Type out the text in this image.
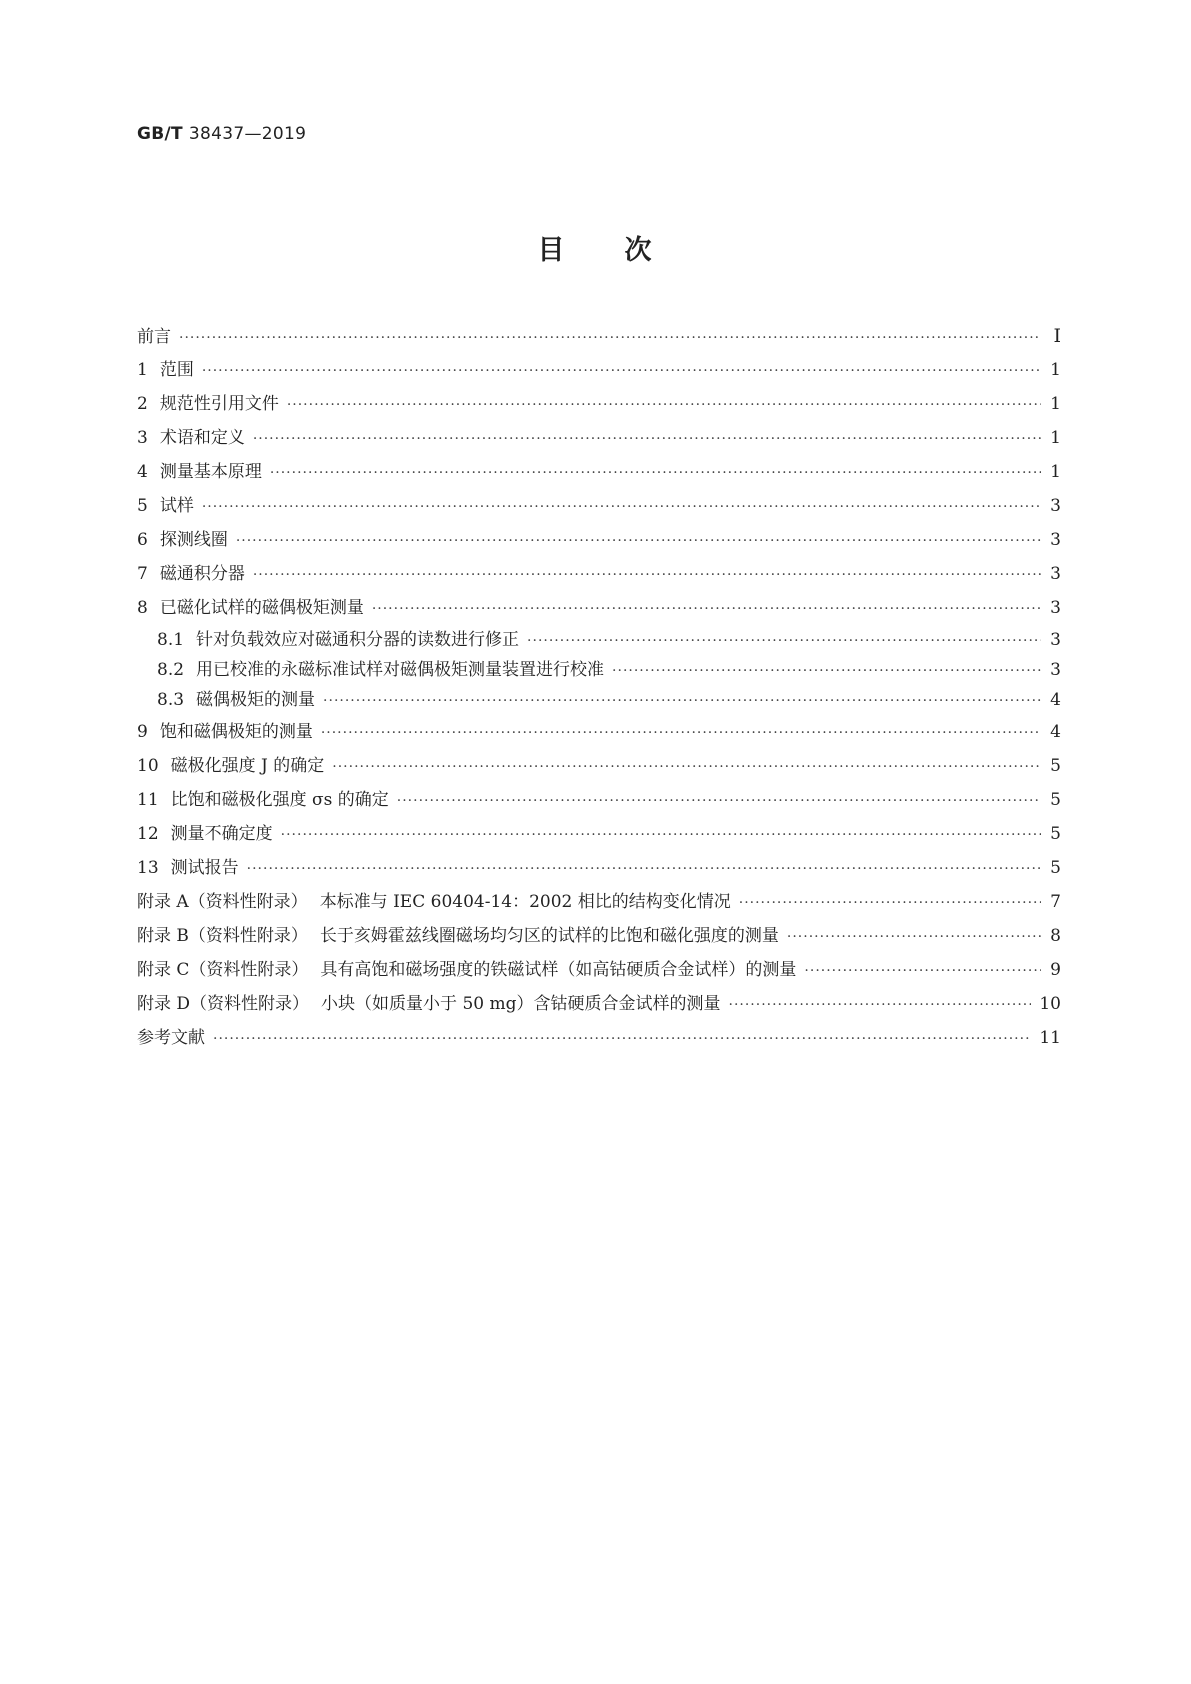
GB/T 38437—2019
目 次
前言 ·····	Ⅰ
1 范围 ·····	1
2 规范性引用文件 ·····	1
3 术语和定义 ·····	1
4 测量基本原理 ·····	1
5 试样 ·····	3
6 探测线圈 ·····	3
7 磁通积分器 ·····	3
8 已磁化试样的磁偶极矩测量 ·····	3
8.1 针对负载效应对磁通积分器的读数进行修正 ·····	3
8.2 用已校准的永磁标准试样对磁偶极矩测量装置进行校准 ·····	3
8.3 磁偶极矩的测量 ·····	4
9 饱和磁偶极矩的测量 ·····	4
10 磁极化强度 J 的确定 ·····	5
11 比饱和磁极化强度 σs 的确定 ·····	5
12 测量不确定度 ·····	5
13 测试报告 ·····	5
附录 A（资料性附录） 本标准与 IEC 60404-14：2002 相比的结构变化情况 ·····	7
附录 B（资料性附录） 长于亥姆霍兹线圈磁场均匀区的试样的比饱和磁化强度的测量 ·····	8
附录 C（资料性附录） 具有高饱和磁场强度的铁磁试样（如高钴硬质合金试样）的测量 ·····	9
附录 D（资料性附录） 小块（如质量小于 50 mg）含钴硬质合金试样的测量 ·····	10
参考文献 ·····	11
